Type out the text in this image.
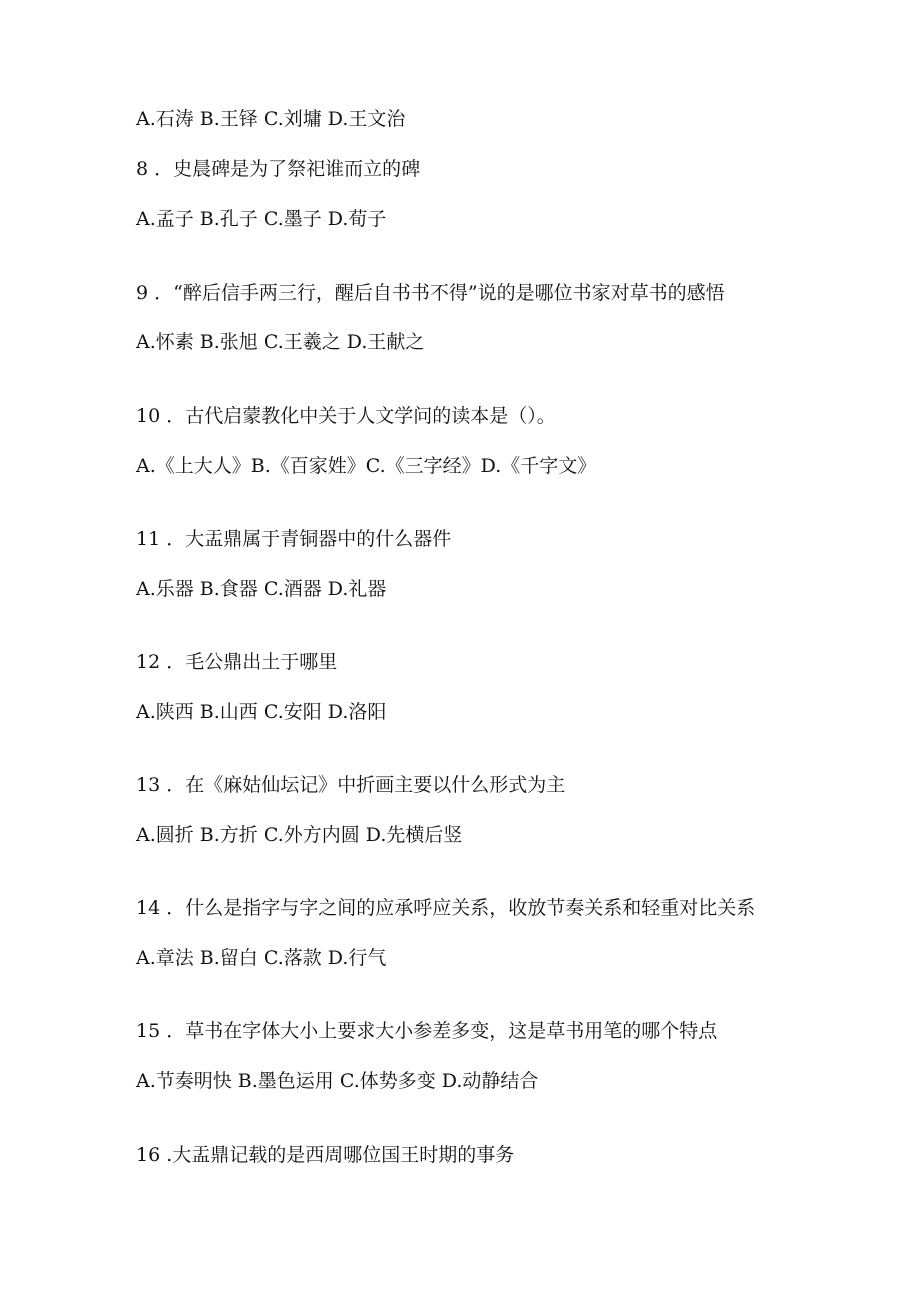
A.石涛 B.王铎 C.刘墉 D.王文治
8 ．史晨碑是为了祭祀谁而立的碑
A.孟子 B.孔子 C.墨子 D.荀子
9 ．“醉后信手两三行，醒后自书书不得”说的是哪位书家对草书的感悟
A.怀素 B.张旭 C.王羲之 D.王献之
10 ．古代启蒙教化中关于人文学问的读本是（）。
A.《上大人》B.《百家姓》C.《三字经》D.《千字文》
11 ．大盂鼎属于青铜器中的什么器件
A.乐器 B.食器 C.酒器 D.礼器
12 ．毛公鼎出土于哪里
A.陕西 B.山西 C.安阳 D.洛阳
13 ．在《麻姑仙坛记》中折画主要以什么形式为主
A.圆折 B.方折 C.外方内圆 D.先横后竖
14 ．什么是指字与字之间的应承呼应关系，收放节奏关系和轻重对比关系
A.章法 B.留白 C.落款 D.行气
15 ．草书在字体大小上要求大小参差多变，这是草书用笔的哪个特点
A.节奏明快 B.墨色运用 C.体势多变 D.动静结合
16 .大盂鼎记载的是西周哪位国王时期的事务
